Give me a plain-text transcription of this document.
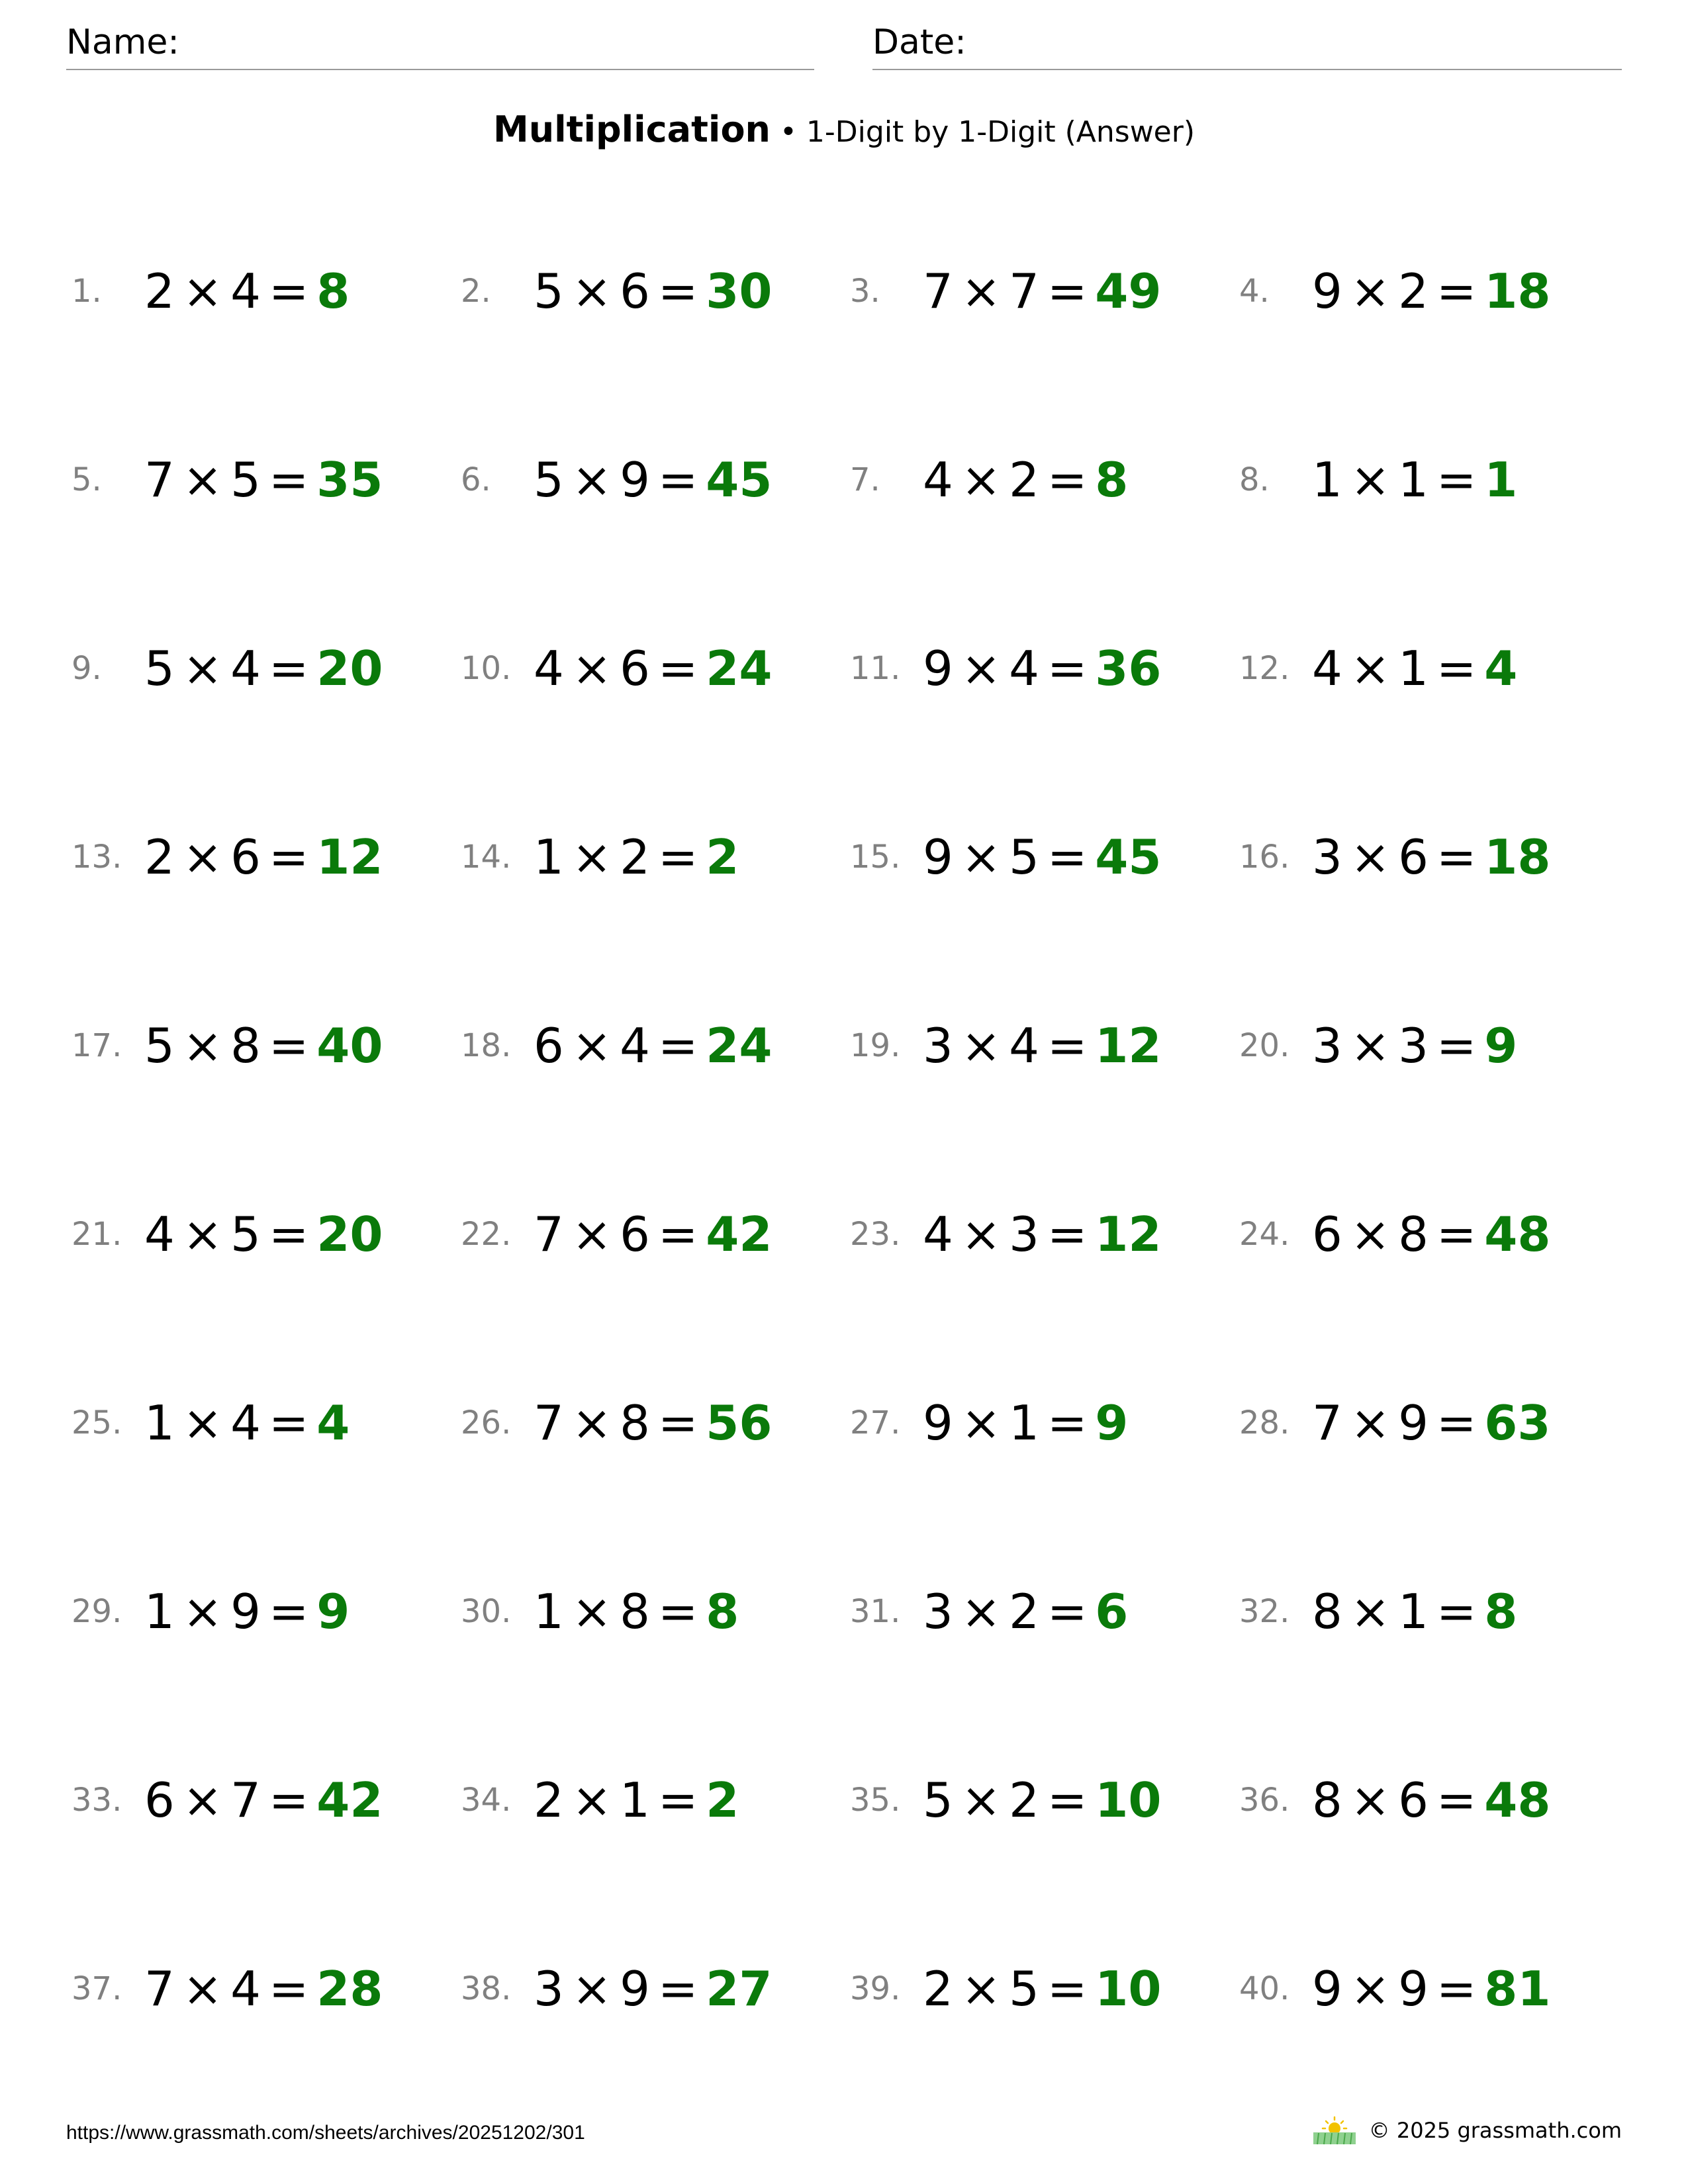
Name:	Date:
Multiplication • 1-Digit by 1-Digit (Answer)
1. 2 × 4 = 8	2. 5 × 6 = 30 3. 7 × 7 = 49 4. 9 × 2 = 18
5. 7 × 5 = 35 6. 5 × 9 = 45 7. 4 × 2 = 8	8. 1 × 1 = 1
9. 5 × 4 = 20 10. 4 × 6 = 24 11. 9 × 4 = 36 12. 4 × 1 = 4
13. 2 × 6 = 12 14. 1 × 2 = 2	15. 9 × 5 = 45 16. 3 × 6 = 18
17. 5 × 8 = 40 18. 6 × 4 = 24 19. 3 × 4 = 12 20. 3 × 3 = 9
21. 4 × 5 = 20 22. 7 × 6 = 42 23. 4 × 3 = 12 24. 6 × 8 = 48
25. 1 × 4 = 4	26. 7 × 8 = 56 27. 9 × 1 = 9	28. 7 × 9 = 63
29. 1 × 9 = 9	30. 1 × 8 = 8	31. 3 × 2 = 6	32. 8 × 1 = 8
33. 6 × 7 = 42 34. 2 × 1 = 2	35. 5 × 2 = 10 36. 8 × 6 = 48
37. 7 × 4 = 28 38. 3 × 9 = 27 39. 2 × 5 = 10 40. 9 × 9 = 81
https://www.grassmath.com/sheets/archives/20251202/301	© 2025 grassmath.com
